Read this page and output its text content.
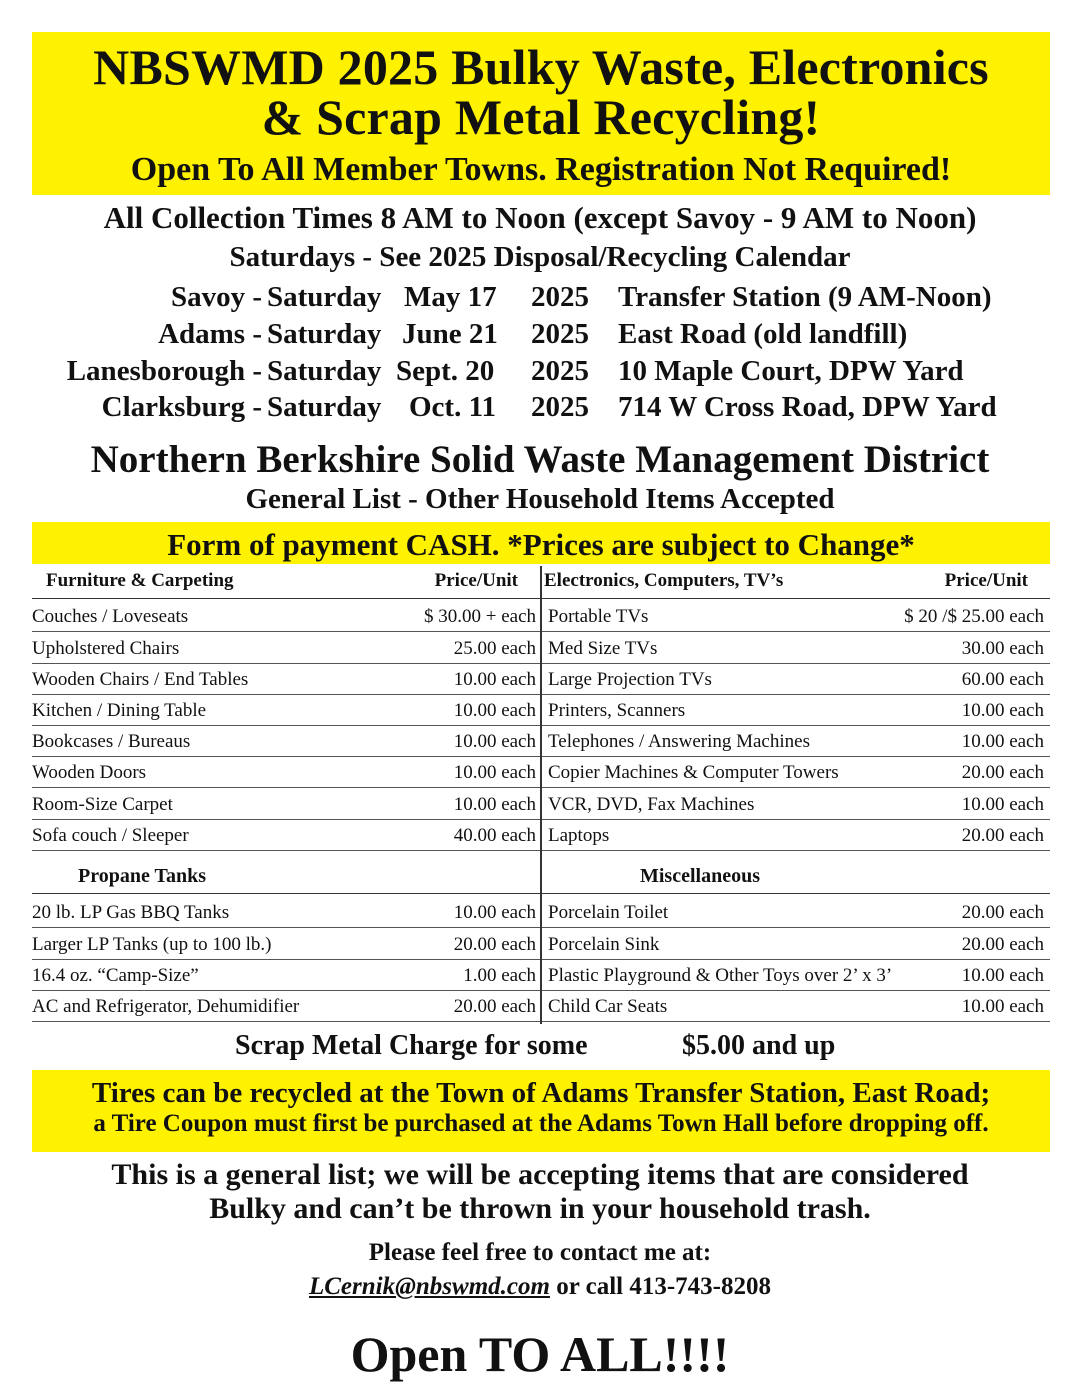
NBSWMD 2025 Bulky Waste, Electronics
& Scrap Metal Recycling!
Open To All Member Towns. Registration Not Required!
All Collection Times 8 AM to Noon (except Savoy - 9 AM to Noon)
Saturdays - See 2025 Disposal/Recycling Calendar
Savoy - Saturday May 17 2025 Transfer Station (9 AM-Noon)
Adams - Saturday June 21 2025 East Road (old landfill)
Lanesborough - Saturday Sept. 20 2025 10 Maple Court, DPW Yard
Clarksburg - Saturday Oct. 11 2025 714 W Cross Road, DPW Yard
Northern Berkshire Solid Waste Management District
General List - Other Household Items Accepted
Form of payment CASH. *Prices are subject to Change*
Furniture & Carpeting	Price/Unit
Couches / Loveseats	$ 30.00 + each
Upholstered Chairs	25.00 each
Wooden Chairs / End Tables	10.00 each
Kitchen / Dining Table	10.00 each
Bookcases / Bureaus	10.00 each
Wooden Doors	10.00 each
Room-Size Carpet	10.00 each
Sofa couch / Sleeper	40.00 each
Propane Tanks
20 lb. LP Gas BBQ Tanks	10.00 each
Larger LP Tanks (up to 100 lb.)	20.00 each
16.4 oz. “Camp-Size”	1.00 each
AC and Refrigerator, Dehumidifier	20.00 each
Electronics, Computers, TV’s	Price/Unit
Portable TVs	$ 20 /$ 25.00 each
Med Size TVs	30.00 each
Large Projection TVs	60.00 each
Printers, Scanners	10.00 each
Telephones / Answering Machines	10.00 each
Copier Machines & Computer Towers	20.00 each
VCR, DVD, Fax Machines	10.00 each
Laptops	20.00 each
Miscellaneous
Porcelain Toilet	20.00 each
Porcelain Sink	20.00 each
Plastic Playground & Other Toys over 2’ x 3’	10.00 each
Child Car Seats	10.00 each
Scrap Metal Charge for some	$5.00 and up
Tires can be recycled at the Town of Adams Transfer Station, East Road;
a Tire Coupon must first be purchased at the Adams Town Hall before dropping off.
This is a general list; we will be accepting items that are considered
Bulky and can’t be thrown in your household trash.
Please feel free to contact me at:
LCernik@nbswmd.com or call 413-743-8208
Open TO ALL!!!!
